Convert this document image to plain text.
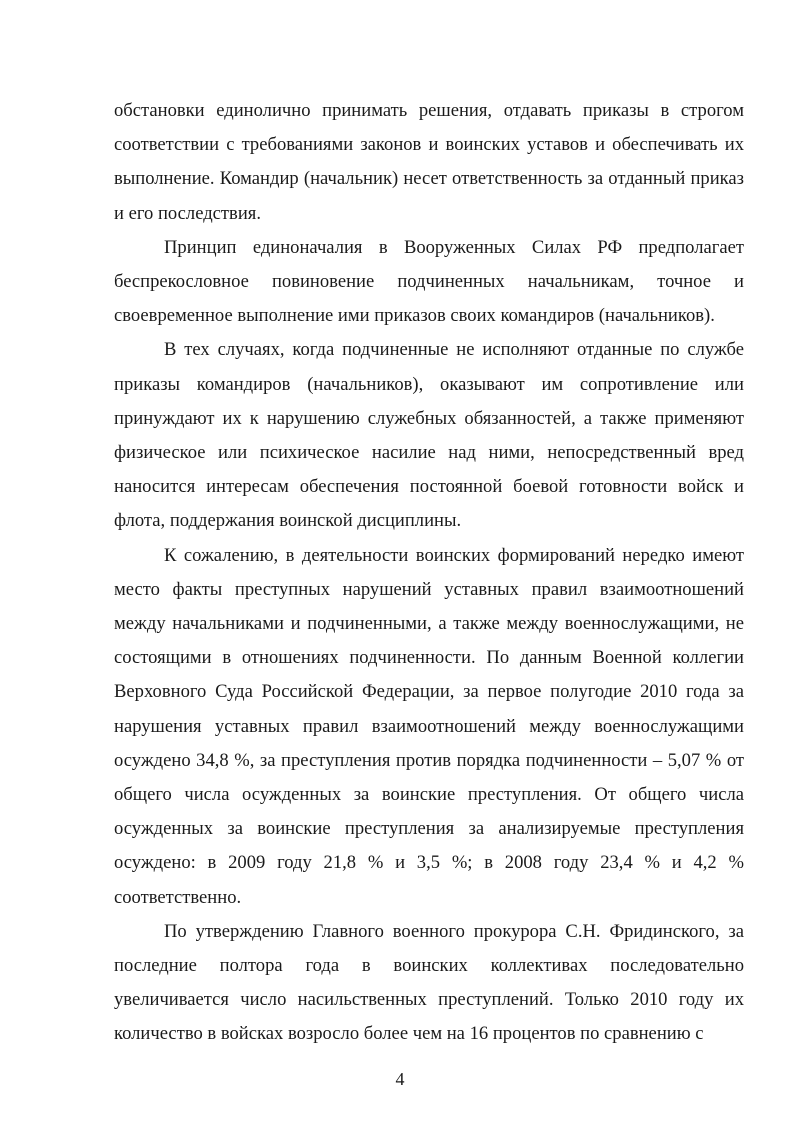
обстановки единолично принимать решения, отдавать приказы в строгом соответствии с требованиями законов и воинских уставов и обеспечивать их выполнение. Командир (начальник) несет ответственность за отданный приказ и его последствия.

Принцип единоначалия в Вооруженных Силах РФ предполагает беспрекословное повиновение подчиненных начальникам, точное и своевременное выполнение ими приказов своих командиров (начальников).

В тех случаях, когда подчиненные не исполняют отданные по службе приказы командиров (начальников), оказывают им сопротивление или принуждают их к нарушению служебных обязанностей, а также применяют физическое или психическое насилие над ними, непосредственный вред наносится интересам обеспечения постоянной боевой готовности войск и флота, поддержания воинской дисциплины.

К сожалению, в деятельности воинских формирований нередко имеют место факты преступных нарушений уставных правил взаимоотношений между начальниками и подчиненными, а также между военнослужащими, не состоящими в отношениях подчиненности. По данным Военной коллегии Верховного Суда Российской Федерации, за первое полугодие 2010 года за нарушения уставных правил взаимоотношений между военнослужащими осуждено 34,8 %, за преступления против порядка подчиненности – 5,07 % от общего числа осужденных за воинские преступления. От общего числа осужденных за воинские преступления за анализируемые преступления осуждено: в 2009 году 21,8 % и 3,5 %; в 2008 году 23,4 % и 4,2 % соответственно.

По утверждению Главного военного прокурора С.Н. Фридинского, за последние полтора года в воинских коллективах последовательно увеличивается число насильственных преступлений. Только 2010 году их количество в войсках возросло более чем на 16 процентов по сравнению с

4
